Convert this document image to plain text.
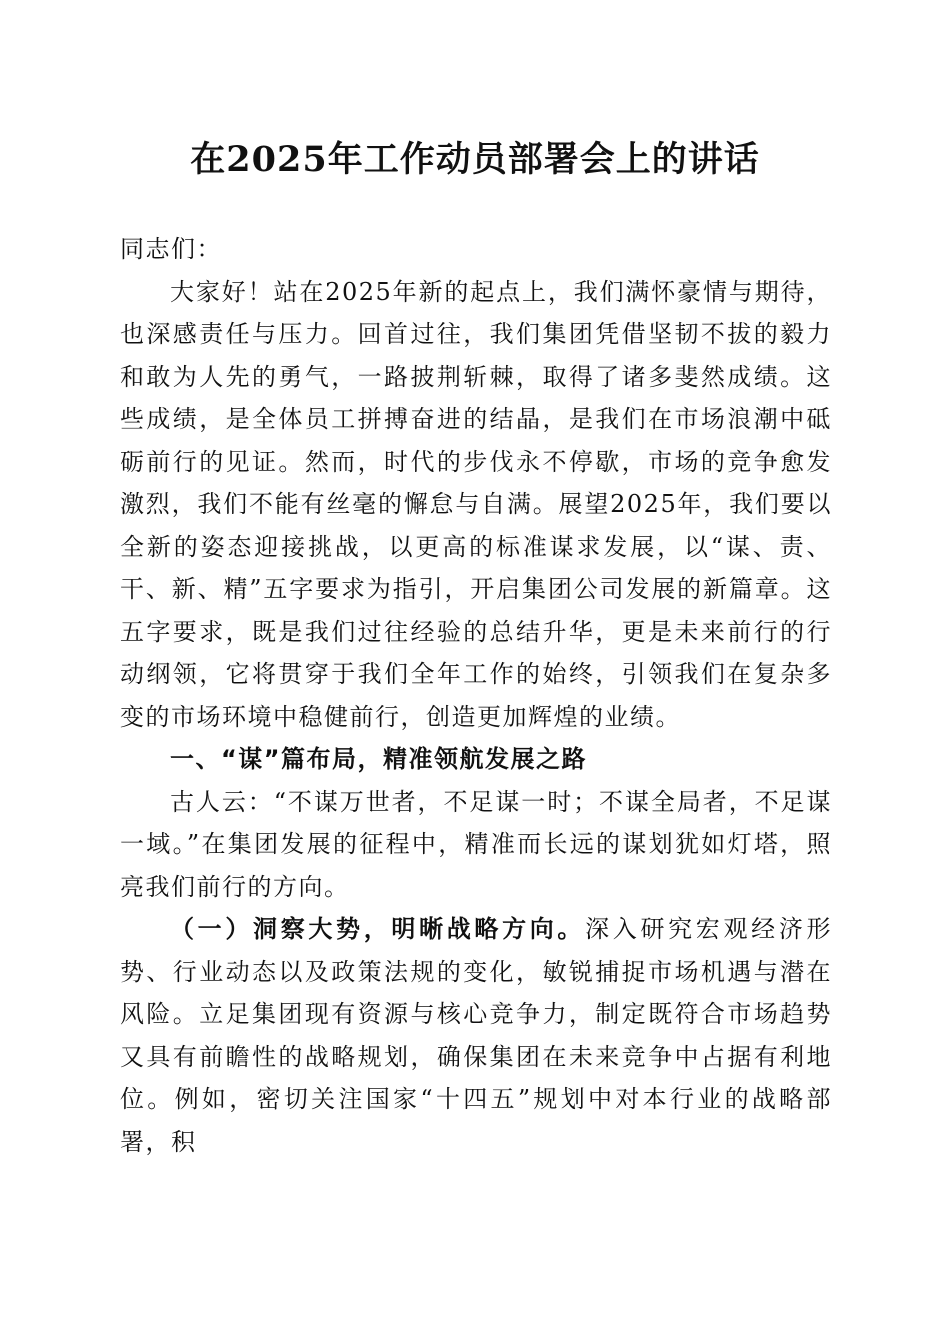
在2025年工作动员部署会上的讲话

同志们：

大家好！站在2025年新的起点上，我们满怀豪情与期待，也深感责任与压力。回首过往，我们集团凭借坚韧不拔的毅力和敢为人先的勇气，一路披荆斩棘，取得了诸多斐然成绩。这些成绩，是全体员工拼搏奋进的结晶，是我们在市场浪潮中砥砺前行的见证。然而，时代的步伐永不停歇，市场的竞争愈发激烈，我们不能有丝毫的懈怠与自满。展望2025年，我们要以全新的姿态迎接挑战，以更高的标准谋求发展，以“谋、责、干、新、精”五字要求为指引，开启集团公司发展的新篇章。这五字要求，既是我们过往经验的总结升华，更是未来前行的行动纲领，它将贯穿于我们全年工作的始终，引领我们在复杂多变的市场环境中稳健前行，创造更加辉煌的业绩。

一、“谋”篇布局，精准领航发展之路

古人云：“不谋万世者，不足谋一时；不谋全局者，不足谋一域。”在集团发展的征程中，精准而长远的谋划犹如灯塔，照亮我们前行的方向。

（一）洞察大势，明晰战略方向。深入研究宏观经济形势、行业动态以及政策法规的变化，敏锐捕捉市场机遇与潜在风险。立足集团现有资源与核心竞争力，制定既符合市场趋势又具有前瞻性的战略规划，确保集团在未来竞争中占据有利地位。例如，密切关注国家“十四五”规划中对本行业的战略部署，积
